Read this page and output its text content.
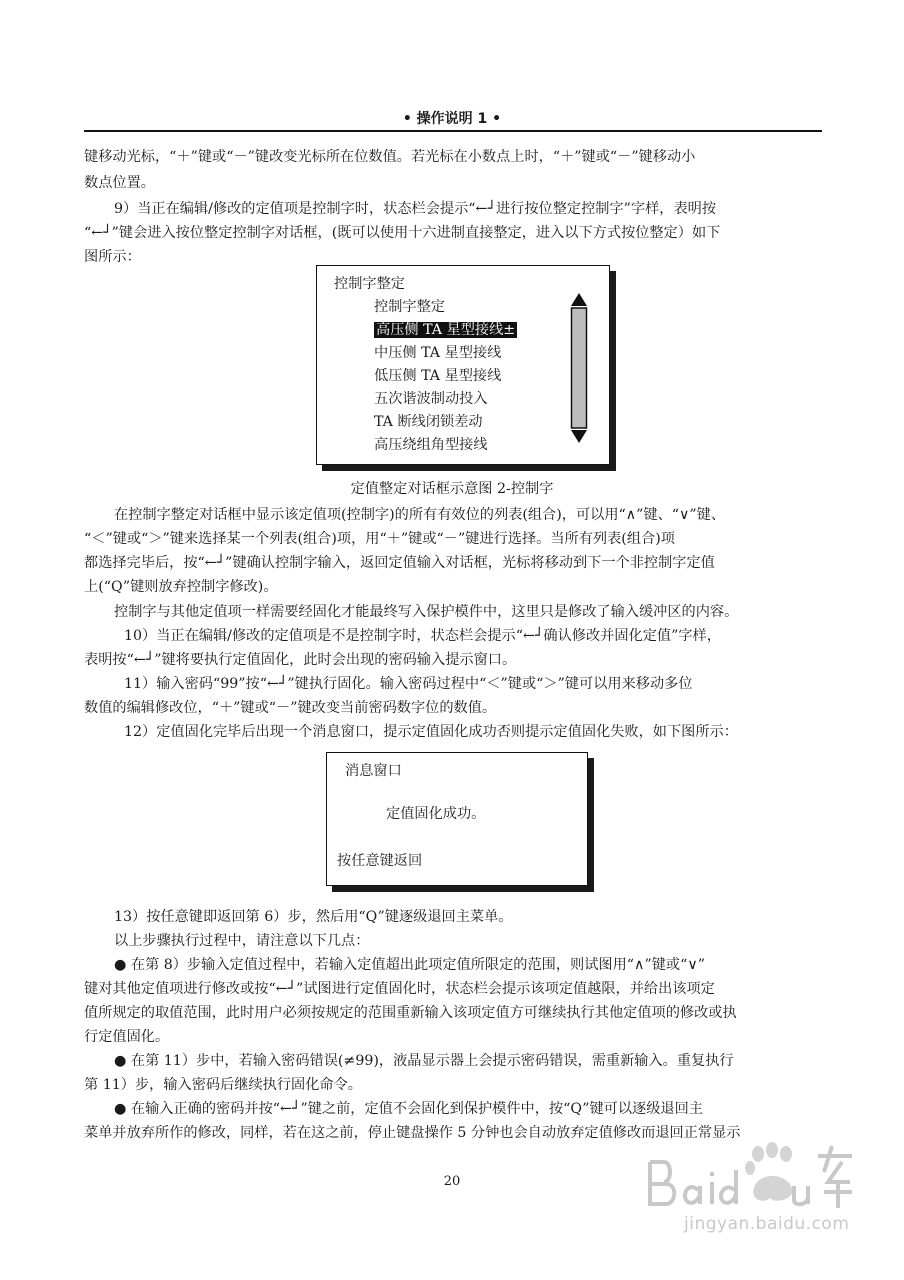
• 操作说明 1 •
键移动光标，“＋”键或“－”键改变光标所在位数值。若光标在小数点上时，“＋”键或“－”键移动小
数点位置。
9）当正在编辑/修改的定值项是控制字时，状态栏会提示“←┘进行按位整定控制字”字样，表明按
“←┘”键会进入按位整定控制字对话框，(既可以使用十六进制直接整定，进入以下方式按位整定）如下
图所示：
控制字整定
控制字整定
高压侧 TA 星型接线±
中压侧 TA 星型接线
低压侧 TA 星型接线
五次谐波制动投入
TA 断线闭锁差动
高压绕组角型接线
定值整定对话框示意图 2-控制字
在控制字整定对话框中显示该定值项(控制字)的所有有效位的列表(组合)，可以用“∧”键、“∨”键、
“＜”键或“＞”键来选择某一个列表(组合)项，用“＋”键或“－”键进行选择。当所有列表(组合)项
都选择完毕后，按“←┘”键确认控制字输入，返回定值输入对话框，光标将移动到下一个非控制字定值
上(“Q”键则放弃控制字修改)。
控制字与其他定值项一样需要经固化才能最终写入保护模件中，这里只是修改了输入缓冲区的内容。
10）当正在编辑/修改的定值项是不是控制字时，状态栏会提示“←┘确认修改并固化定值”字样，
表明按“←┘”键将要执行定值固化，此时会出现的密码输入提示窗口。
11）输入密码“99”按“←┘”键执行固化。输入密码过程中“＜”键或“＞”键可以用来移动多位
数值的编辑修改位，“＋”键或“－”键改变当前密码数字位的数值。
12）定值固化完毕后出现一个消息窗口，提示定值固化成功否则提示定值固化失败，如下图所示：
消息窗口
定值固化成功。
按任意键返回
13）按任意键即返回第 6）步，然后用“Q”键逐级退回主菜单。
以上步骤执行过程中，请注意以下几点：
● 在第 8）步输入定值过程中，若输入定值超出此项定值所限定的范围，则试图用“∧”键或“∨”
键对其他定值项进行修改或按“←┘”试图进行定值固化时，状态栏会提示该项定值越限，并给出该项定
值所规定的取值范围，此时用户必须按规定的范围重新输入该项定值方可继续执行其他定值项的修改或执
行定值固化。
● 在第 11）步中，若输入密码错误(≠99)，液晶显示器上会提示密码错误，需重新输入。重复执行
第 11）步，输入密码后继续执行固化命令。
● 在输入正确的密码并按“←┘”键之前，定值不会固化到保护模件中，按“Q”键可以逐级退回主
菜单并放弃所作的修改，同样，若在这之前，停止键盘操作 5 分钟也会自动放弃定值修改而退回正常显示
20
jingyan.baidu.com
